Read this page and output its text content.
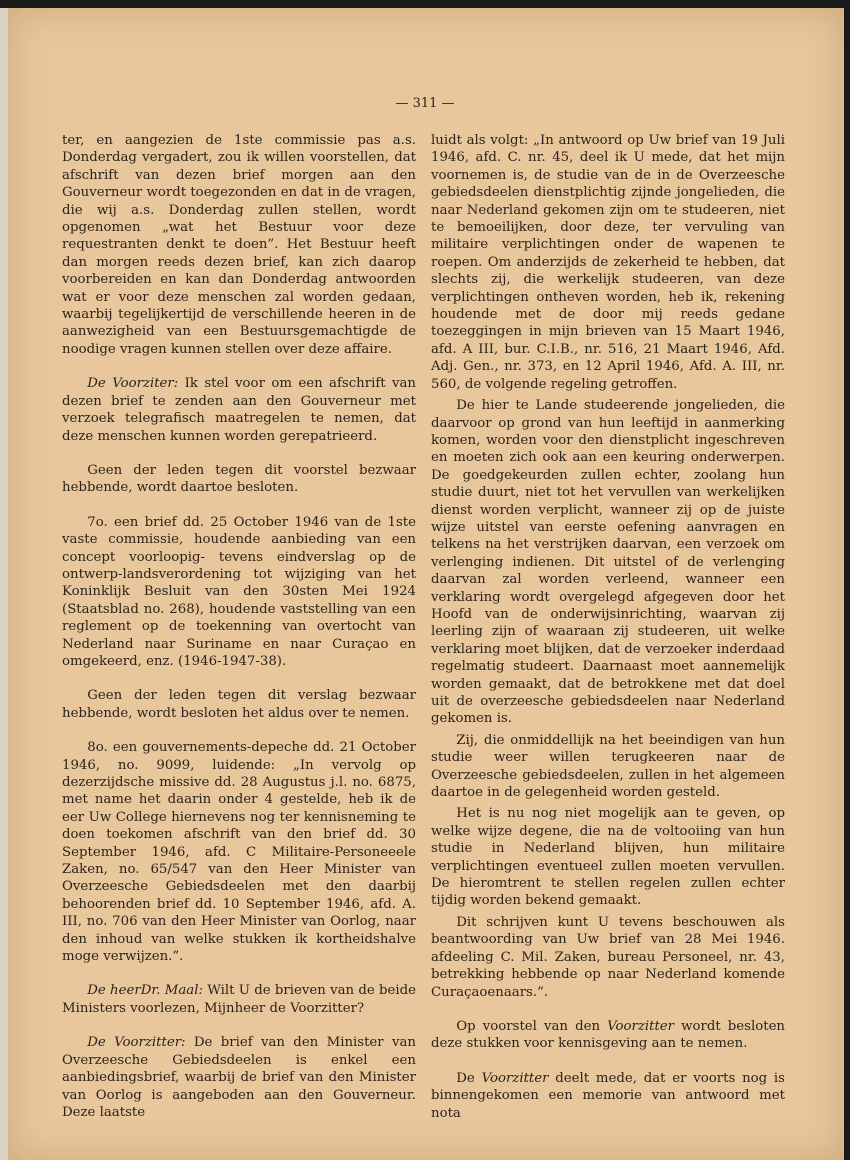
— 311 —

ter, en aangezien de 1ste commissie pas a.s. Donderdag vergadert, zou ik willen voorstellen, dat afschrift van dezen brief morgen aan den Gouverneur wordt toegezonden en dat in de vragen, die wij a.s. Donderdag zullen stellen, wordt opgenomen „wat het Bestuur voor deze requestranten denkt te doen”. Het Bestuur heeft dan morgen reeds dezen brief, kan zich daarop voorbereiden en kan dan Donderdag antwoorden wat er voor deze menschen zal worden gedaan, waarbij tegelijkertijd de verschillende heeren in de aanwezigheid van een Bestuursgemachtigde de noodige vragen kunnen stellen over deze affaire.

De Voorziter: Ik stel voor om een afschrift van dezen brief te zenden aan den Gouverneur met verzoek telegrafisch maatregelen te nemen, dat deze menschen kunnen worden gerepatrieerd.

Geen der leden tegen dit voorstel bezwaar hebbende, wordt daartoe besloten.

7o. een brief dd. 25 October 1946 van de 1ste vaste commissie, houdende aanbieding van een concept voorloopig- tevens eindverslag op de ontwerp-landsverordening tot wijziging van het Koninklijk Besluit van den 30sten Mei 1924 (Staatsblad no. 268), houdende vaststelling van een reglement op de toekenning van overtocht van Nederland naar Suriname en naar Curaçao en omgekeerd, enz. (1946-1947-38).

Geen der leden tegen dit verslag bezwaar hebbende, wordt besloten het aldus over te nemen.

8o. een gouvernements-depeche dd. 21 October 1946, no. 9099, luidende: „In vervolg op dezerzijdsche missive dd. 28 Augustus j.l. no. 6875, met name het daarin onder 4 gestelde, heb ik de eer Uw College hiernevens nog ter kennisneming te doen toekomen afschrift van den brief dd. 30 September 1946, afd. C Militaire-Personeeele Zaken, no. 65/547 van den Heer Minister van Overzeesche Gebiedsdeelen met den daarbij behoorenden brief dd. 10 September 1946, afd. A. III, no. 706 van den Heer Minister van Oorlog, naar den inhoud van welke stukken ik kortheidshalve moge verwijzen.”.

De heerDr. Maal: Wilt U de brieven van de beide Ministers voorlezen, Mijnheer de Voorzitter?

De Voorzitter: De brief van den Minister van Overzeesche Gebiedsdeelen is enkel een aanbiedingsbrief, waarbij de brief van den Minister van Oorlog is aangeboden aan den Gouverneur. Deze laatste

luidt als volgt: „In antwoord op Uw brief van 19 Juli 1946, afd. C. nr. 45, deel ik U mede, dat het mijn voornemen is, de studie van de in de Overzeesche gebiedsdeelen dienstplichtig zijnde jongelieden, die naar Nederland gekomen zijn om te studeeren, niet te bemoeilijken, door deze, ter vervuling van militaire verplichtingen onder de wapenen te roepen. Om anderzijds de zekerheid te hebben, dat slechts zij, die werkelijk studeeren, van deze verplichtingen ontheven worden, heb ik, rekening houdende met de door mij reeds gedane toezeggingen in mijn brieven van 15 Maart 1946, afd. A III, bur. C.I.B., nr. 516, 21 Maart 1946, Afd. Adj. Gen., nr. 373, en 12 April 1946, Afd. A. III, nr. 560, de volgende regeling getroffen.

De hier te Lande studeerende jongelieden, die daarvoor op grond van hun leeftijd in aanmerking komen, worden voor den dienstplicht ingeschreven en moeten zich ook aan een keuring onderwerpen. De goedgekeurden zullen echter, zoolang hun studie duurt, niet tot het vervullen van werkelijken dienst worden verplicht, wanneer zij op de juiste wijze uitstel van eerste oefening aanvragen en telkens na het verstrijken daarvan, een verzoek om verlenging indienen. Dit uitstel of de verlenging daarvan zal worden verleend, wanneer een verklaring wordt overgelegd afgegeven door het Hoofd van de onderwijsinrichting, waarvan zij leerling zijn of waaraan zij studeeren, uit welke verklaring moet blijken, dat de verzoeker inderdaad regelmatig studeert. Daarnaast moet aannemelijk worden gemaakt, dat de betrokkene met dat doel uit de overzeesche gebiedsdeelen naar Nederland gekomen is.

Zij, die onmiddellijk na het beeindigen van hun studie weer willen terugkeeren naar de Overzeesche gebiedsdeelen, zullen in het algemeen daartoe in de gelegenheid worden gesteld.

Het is nu nog niet mogelijk aan te geven, op welke wijze degene, die na de voltooiing van hun studie in Nederland blijven, hun militaire verplichtingen eventueel zullen moeten vervullen. De hieromtrent te stellen regelen zullen echter tijdig worden bekend gemaakt.

Dit schrijven kunt U tevens beschouwen als beantwoording van Uw brief van 28 Mei 1946. afdeeling C. Mil. Zaken, bureau Personeel, nr. 43, betrekking hebbende op naar Nederland komende Curaçaoenaars.”.

Op voorstel van den Voorzitter wordt besloten deze stukken voor kennisgeving aan te nemen.

De Voorzitter deelt mede, dat er voorts nog is binnengekomen een memorie van antwoord met nota
